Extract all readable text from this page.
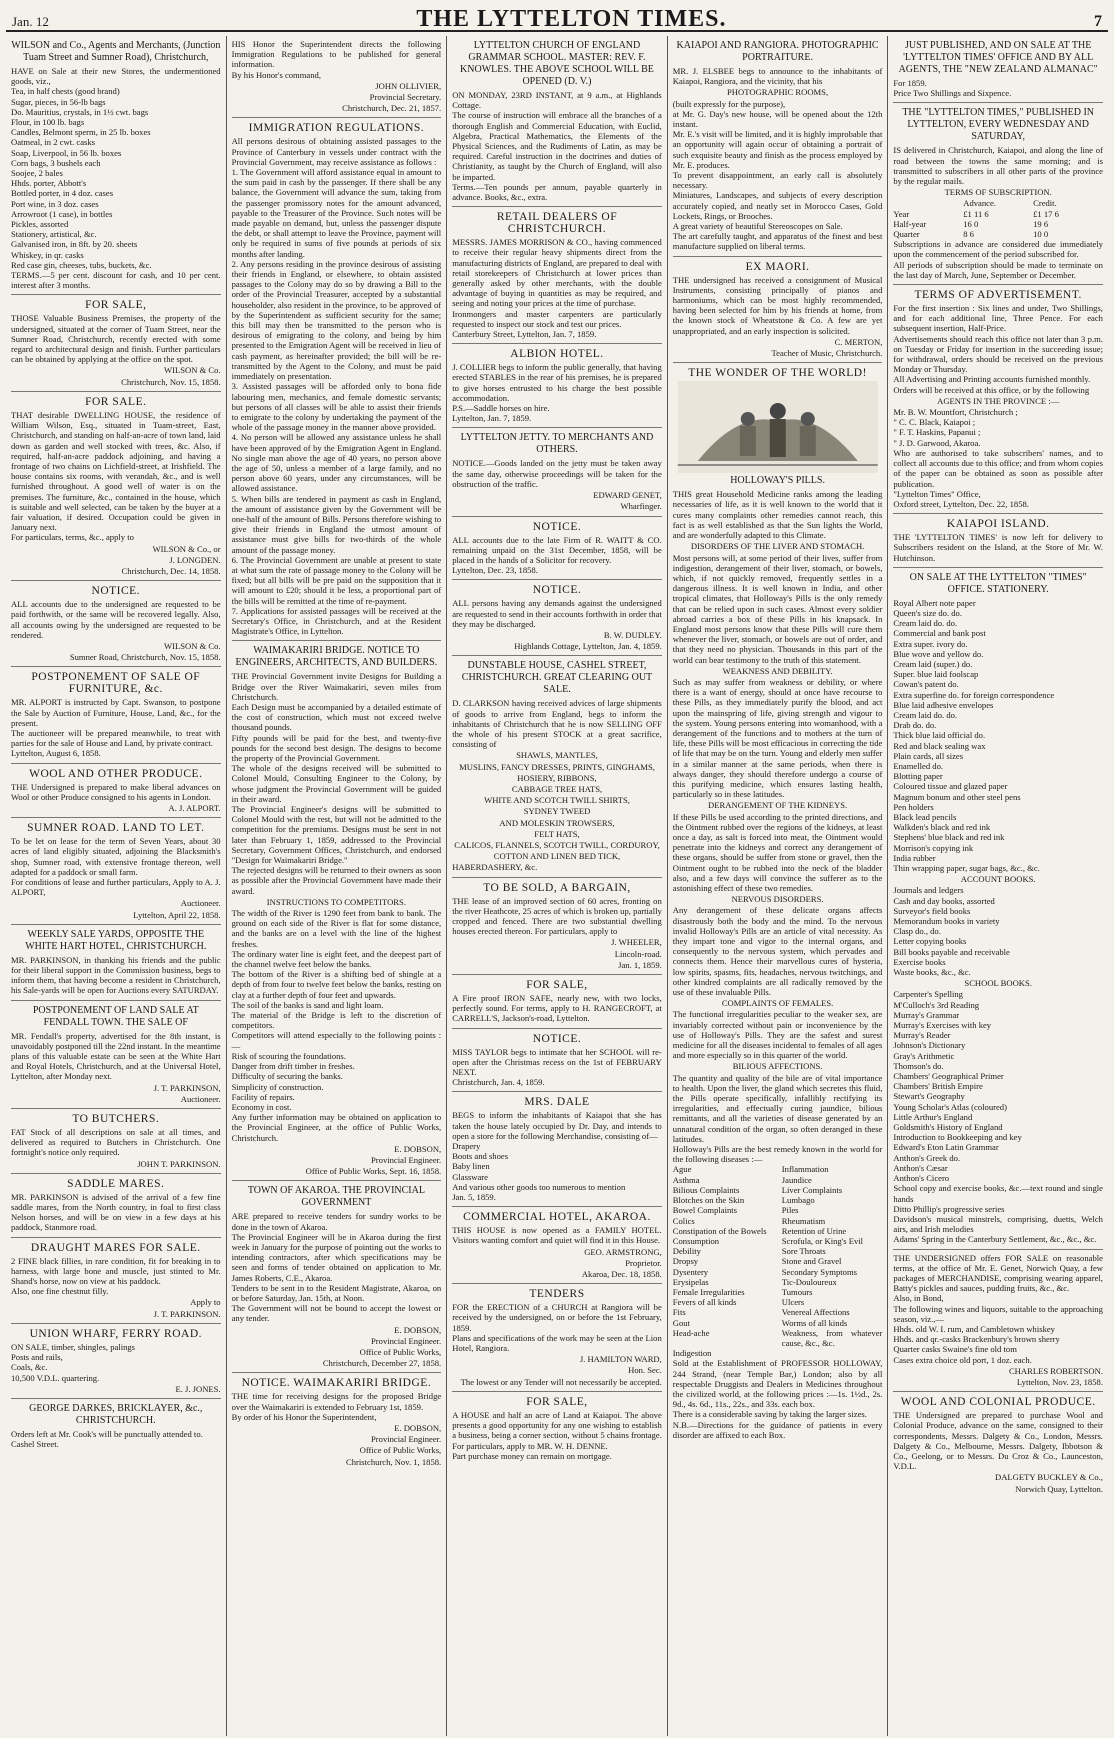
Jan. 12	THE LYTTELTON TIMES.	7
WILSON and Co., Agents and Merchants, (Junction Tuam Street and Sumner Road), Christchurch,

HAVE on Sale at their new Stores, the undermentioned goods, viz.,

Tea, in half chests (good brand)

Sugar, pieces, in 56-lb bags

Do. Mauritius, crystals, in 1½ cwt. bags

Flour, in 100 lb. bags

Candles, Belmont sperm, in 25 lb. boxes

Oatmeal, in 2 cwt. casks

Soap, Liverpool, in 56 lb. boxes

Corn bags, 3 bushels each

Soojee, 2 bales

Hhds. porter, Abbott's

Bottled porter, in 4 doz. cases

Port wine, in 3 doz. cases

Arrowroot (1 case), in bottles

Pickles, assorted

Stationery, artistical, &c.

Galvanised iron, in 8ft. by 20. sheets

Whiskey, in qr. casks

Red case gin, cheeses, tubs, buckets, &c.

TERMS.—5 per cent. discount for cash, and 10 per cent. interest after 3 months.

FOR SALE,

THOSE Valuable Business Premises, the property of the undersigned, situated at the corner of Tuam Street, near the Sumner Road, Christchurch, recently erected with some regard to architectural design and finish. Further particulars can be obtained by applying at the office on the spot.

WILSON & Co.
Christchurch, Nov. 15, 1858.
FOR SALE.

THAT desirable DWELLING HOUSE, the residence of William Wilson, Esq., situated in Tuam-street, East, Christchurch, and standing on half-an-acre of town land, laid down as garden and well stocked with trees, &c. Also, if required, half-an-acre paddock adjoining, and having a frontage of two chains on Lichfield-street, at Irishfield. The house contains six rooms, with verandah, &c., and is well furnished throughout. A good well of water is on the premises. The furniture, &c., contained in the house, which is suitable and well selected, can be taken by the buyer at a fair valuation, if desired. Occupation could be given in January next.

For particulars, terms, &c., apply to

WILSON & Co., or
J. LONGDEN.
Christchurch, Dec. 14, 1858.
NOTICE.

ALL accounts due to the undersigned are requested to be paid forthwith, or the same will be recovered legally. Also, all accounts owing by the undersigned are requested to be rendered.

WILSON & Co.
Sumner Road, Christchurch, Nov. 15, 1858.
POSTPONEMENT OF SALE OF FURNITURE, &c.

MR. ALPORT is instructed by Capt. Swanson, to postpone the Sale by Auction of Furniture, House, Land, &c., for the present.

The auctioneer will be prepared meanwhile, to treat with parties for the sale of House and Land, by private contract.

Lyttelton, August 6, 1858.

WOOL AND OTHER PRODUCE.

THE Undersigned is prepared to make liberal advances on Wool or other Produce consigned to his agents in London.

A. J. ALPORT.
SUMNER ROAD. LAND TO LET.

To be let on lease for the term of Seven Years, about 30 acres of land eligibly situated, adjoining the Blacksmith's shop, Sumner road, with extensive frontage thereon, well adapted for a paddock or small farm.

For conditions of lease and further particulars, Apply to A. J. ALPORT,

Auctioneer.
Lyttelton, April 22, 1858.
WEEKLY SALE YARDS, OPPOSITE THE WHITE HART HOTEL, CHRISTCHURCH.

MR. PARKINSON, in thanking his friends and the public for their liberal support in the Commission business, begs to inform them, that having become a resident in Christchurch, his Sale-yards will be open for Auctions every SATURDAY.

POSTPONEMENT OF LAND SALE AT FENDALL TOWN. THE SALE OF

MR. Fendall's property, advertised for the 8th instant, is unavoidably postponed till the 22nd instant. In the meantime plans of this valuable estate can be seen at the White Hart and Royal Hotels, Christchurch, and at the Universal Hotel, Lyttelton, after Monday next.

J. T. PARKINSON,
Auctioneer.
TO BUTCHERS.

FAT Stock of all descriptions on sale at all times, and delivered as required to Butchers in Christchurch. One fortnight's notice only required.

JOHN T. PARKINSON.
SADDLE MARES.

MR. PARKINSON is advised of the arrival of a few fine saddle mares, from the North country, in foal to first class Nelson horses, and will be on view in a few days at his paddock, Stanmore road.

DRAUGHT MARES FOR SALE.

2 FINE black fillies, in rare condition, fit for breaking in to harness, with large bone and muscle, just stinted to Mr. Shand's horse, now on view at his paddock.

Also, one fine chestnut filly.

Apply to
J. T. PARKINSON.
UNION WHARF, FERRY ROAD.

ON SALE, timber, shingles, palings

Posts and rails,

Coals, &c.

10,500 V.D.L. quartering.

E. J. JONES.
GEORGE DARKES, BRICKLAYER, &c., CHRISTCHURCH.

Orders left at Mr. Cook's will be punctually attended to.

Cashel Street.

HIS Honor the Superintendent directs the following Immigration Regulations to be published for general information.

By his Honor's command,

JOHN OLLIVIER,
Provincial Secretary.
Christchurch, Dec. 21, 1857.
IMMIGRATION REGULATIONS.

All persons desirous of obtaining assisted passages to the Province of Canterbury in vessels under contract with the Provincial Government, may receive assistance as follows :

1. The Government will afford assistance equal in amount to the sum paid in cash by the passenger. If there shall be any balance, the Government will advance the sum, taking from the passenger promissory notes for the amount advanced, payable to the Treasurer of the Province. Such notes will be made payable on demand, but, unless the passenger dispute the debt, or shall attempt to leave the Province, payment will only be required in sums of five pounds at periods of six months after landing.

2. Any persons residing in the province desirous of assisting their friends in England, or elsewhere, to obtain assisted passages to the Colony may do so by drawing a Bill to the order of the Provincial Treasurer, accepted by a substantial householder, also resident in the province, to be approved of by the Superintendent as sufficient security for the same; this bill may then be transmitted to the person who is desirous of emigrating to the colony, and being by him presented to the Emigration Agent will be received in lieu of cash payment, as hereinafter provided; the bill will be re-transmitted by the Agent to the Colony, and must be paid immediately on presentation.

3. Assisted passages will be afforded only to bona fide labouring men, mechanics, and female domestic servants; but persons of all classes will be able to assist their friends to emigrate to the colony by undertaking the payment of the whole of the passage money in the manner above provided.

4. No person will be allowed any assistance unless he shall have been approved of by the Emigration Agent in England. No single man above the age of 40 years, no person above the age of 50, unless a member of a large family, and no person above 60 years, under any circumstances, will be allowed assistance.

5. When bills are tendered in payment as cash in England, the amount of assistance given by the Government will be one-half of the amount of Bills. Persons therefore wishing to give their friends in England the utmost amount of assistance must give bills for two-thirds of the whole amount of the passage money.

6. The Provincial Government are unable at present to state at what sum the rate of passage money to the Colony will be fixed; but all bills will be pre paid on the supposition that it will amount to £20; should it be less, a proportional part of the bills will be remitted at the time of re-payment.

7. Applications for assisted passages will be received at the Secretary's Office, in Christchurch, and at the Resident Magistrate's Office, in Lyttelton.

WAIMAKARIRI BRIDGE. NOTICE TO ENGINEERS, ARCHITECTS, AND BUILDERS.

THE Provincial Government invite Designs for Building a Bridge over the River Waimakariri, seven miles from Christchurch.

Each Design must be accompanied by a detailed estimate of the cost of construction, which must not exceed twelve thousand pounds.

Fifty pounds will be paid for the best, and twenty-five pounds for the second best design. The designs to become the property of the Provincial Government.

The whole of the designs received will be submitted to Colonel Mould, Consulting Engineer to the Colony, by whose judgment the Provincial Government will be guided in their award.

The Provincial Engineer's designs will be submitted to Colonel Mould with the rest, but will not be admitted to the competition for the premiums. Designs must be sent in not later than February 1, 1859, addressed to the Provincial Secretary, Government Offices, Christchurch, and endorsed "Design for Waimakariri Bridge."

The rejected designs will be returned to their owners as soon as possible after the Provincial Government have made their award.

INSTRUCTIONS TO COMPETITORS.

The width of the River is 1290 feet from bank to bank. The ground on each side of the River is flat for some distance, and the banks are on a level with the line of the highest freshes.

The ordinary water line is eight feet, and the deepest part of the channel twelve feet below the banks.

The bottom of the River is a shifting bed of shingle at a depth of from four to twelve feet below the banks, resting on clay at a further depth of four feet and upwards.

The soil of the banks is sand and light loam.

The material of the Bridge is left to the discretion of competitors.

Competitors will attend especially to the following points :—

Risk of scouring the foundations.

Danger from drift timber in freshes.

Difficulty of securing the banks.

Simplicity of construction.

Facility of repairs.

Economy in cost.

Any further information may be obtained on application to the Provincial Engineer, at the office of Public Works, Christchurch.

E. DOBSON,
Provincial Engineer.
Office of Public Works, Sept. 16, 1858.
TOWN OF AKAROA. THE PROVINCIAL GOVERNMENT

ARE prepared to receive tenders for sundry works to be done in the town of Akaroa.

The Provincial Engineer will be in Akaroa during the first week in January for the purpose of pointing out the works to intending contractors, after which specifications may be seen and forms of tender obtained on application to Mr. James Roberts, C.E., Akaroa.

Tenders to be sent in to the Resident Magistrate, Akaroa, on or before Saturday, Jan. 15th, at Noon.

The Government will not be bound to accept the lowest or any tender.

E. DOBSON,
Provincial Engineer.
Office of Public Works,
Christchurch, December 27, 1858.
NOTICE. WAIMAKARIRI BRIDGE.

THE time for receiving designs for the proposed Bridge over the Waimakariri is extended to February 1st, 1859.

By order of his Honor the Superintendent,

E. DOBSON,
Provincial Engineer.
Office of Public Works,
Christchurch, Nov. 1, 1858.
LYTTELTON CHURCH OF ENGLAND GRAMMAR SCHOOL. MASTER: REV. F. KNOWLES. THE ABOVE SCHOOL WILL BE OPENED (D. V.)

ON MONDAY, 23RD INSTANT, at 9 a.m., at Highlands Cottage.

The course of instruction will embrace all the branches of a thorough English and Commercial Education, with Euclid, Algebra, Practical Mathematics, the Elements of the Physical Sciences, and the Rudiments of Latin, as may be required. Careful instruction in the doctrines and duties of Christianity, as taught by the Church of England, will also be imparted.

Terms.—Ten pounds per annum, payable quarterly in advance. Books, &c., extra.

RETAIL DEALERS OF CHRISTCHURCH.

MESSRS. JAMES MORRISON & CO., having commenced to receive their regular heavy shipments direct from the manufacturing districts of England, are prepared to deal with retail storekeepers of Christchurch at lower prices than generally asked by other merchants, with the double advantage of buying in quantities as may be required, and seeing and noting your prices at the time of purchase.

Ironmongers and master carpenters are particularly requested to inspect our stock and test our prices.

Canterbury Street, Lyttelton, Jan. 7, 1859.

ALBION HOTEL.

J. COLLIER begs to inform the public generally, that having erected STABLES in the rear of his premises, he is prepared to give horses entrusted to his charge the best possible accommodation.

P.S.—Saddle horses on hire.

Lyttelton, Jan. 7, 1859.

LYTTELTON JETTY. TO MERCHANTS AND OTHERS.

NOTICE.—Goods landed on the jetty must be taken away the same day, otherwise proceedings will be taken for the obstruction of the traffic.

EDWARD GENET,
Wharfinger.
NOTICE.

ALL accounts due to the late Firm of R. WAITT & CO. remaining unpaid on the 31st December, 1858, will be placed in the hands of a Solicitor for recovery.

Lyttelton, Dec. 23, 1858.

NOTICE.

ALL persons having any demands against the undersigned are requested to send in their accounts forthwith in order that they may be discharged.

B. W. DUDLEY.
Highlands Cottage, Lyttelton, Jan. 4, 1859.
DUNSTABLE HOUSE, CASHEL STREET, CHRISTCHURCH. GREAT CLEARING OUT SALE.

D. CLARKSON having received advices of large shipments of goods to arrive from England, begs to inform the inhabitants of Christchurch that he is now SELLING OFF the whole of his present STOCK at a great sacrifice, consisting of

SHAWLS, MANTLES,

MUSLINS, FANCY DRESSES, PRINTS, GINGHAMS,

HOSIERY, RIBBONS,

CABBAGE TREE HATS,

WHITE AND SCOTCH TWILL SHIRTS,

SYDNEY TWEED

AND MOLESKIN TROWSERS,

FELT HATS,

CALICOS, FLANNELS, SCOTCH TWILL, CORDUROY,

COTTON AND LINEN BED TICK,

HABERDASHERY, &c.

TO BE SOLD, A BARGAIN,

THE lease of an improved section of 60 acres, fronting on the river Heathcote, 25 acres of which is broken up, partially cropped and fenced. There are two substantial dwelling houses erected thereon. For particulars, apply to

J. WHEELER,
Lincoln-road.
Jan. 1, 1859.
FOR SALE,

A Fire proof IRON SAFE, nearly new, with two locks, perfectly sound. For terms, apply to H. RANGECROFT, at CARRELL'S, Jackson's-road, Lyttelton.

NOTICE.

MISS TAYLOR begs to intimate that her SCHOOL will re-open after the Christmas recess on the 1st of FEBRUARY NEXT.

Christchurch, Jan. 4, 1859.

MRS. DALE

BEGS to inform the inhabitants of Kaiapoi that she has taken the house lately occupied by Dr. Day, and intends to open a store for the following Merchandise, consisting of—

Drapery

Boots and shoes

Baby linen

Glassware

And various other goods too numerous to mention

Jan. 5, 1859.

COMMERCIAL HOTEL, AKAROA.

THIS HOUSE is now opened as a FAMILY HOTEL. Visitors wanting comfort and quiet will find it in this House.

GEO. ARMSTRONG,
Proprietor.
Akaroa, Dec. 18, 1858.
TENDERS

FOR the ERECTION of a CHURCH at Rangiora will be received by the undersigned, on or before the 1st February, 1859.

Plans and specifications of the work may be seen at the Lion Hotel, Rangiora.

J. HAMILTON WARD,
Hon. Sec.
The lowest or any Tender will not necessarily be accepted.
FOR SALE,

A HOUSE and half an acre of Land at Kaiapoi. The above presents a good opportunity for any one wishing to establish a business, being a corner section, without 5 chains frontage. For particulars, apply to MR. W. H. DENNE.

Part purchase money can remain on mortgage.

KAIAPOI AND RANGIORA. PHOTOGRAPHIC PORTRAITURE.

MR. J. ELSBEE begs to announce to the inhabitants of Kaiapoi, Rangiora, and the vicinity, that his

PHOTOGRAPHIC ROOMS,

(built expressly for the purpose),

at Mr. G. Day's new house, will be opened about the 12th instant.

Mr. E.'s visit will be limited, and it is highly improbable that an opportunity will again occur of obtaining a portrait of such exquisite beauty and finish as the process employed by Mr. E. produces.

To prevent disappointment, an early call is absolutely necessary.

Miniatures, Landscapes, and subjects of every description accurately copied, and neatly set in Morocco Cases, Gold Lockets, Rings, or Brooches.

A great variety of beautiful Stereoscopes on Sale.

The art carefully taught, and apparatus of the finest and best manufacture supplied on liberal terms.

EX MAORI.

THE undersigned has received a consignment of Musical Instruments, consisting principally of pianos and harmoniums, which can be most highly recommended, having been selected for him by his friends at home, from the known stock of Wheatstone & Co. A few are yet unappropriated, and an early inspection is solicited.

C. MERTON,
Teacher of Music, Christchurch.
THE WONDER OF THE WORLD!
HOLLOWAY'S PILLS.

THIS great Household Medicine ranks among the leading necessaries of life, as it is well known to the world that it cures many complaints other remedies cannot reach, this fact is as well established as that the Sun lights the World, and are wonderfully adapted to this Climate.

DISORDERS OF THE LIVER AND STOMACH.

Most persons will, at some period of their lives, suffer from indigestion, derangement of their liver, stomach, or bowels, which, if not quickly removed, frequently settles in a dangerous illness. It is well known in India, and other tropical climates, that Holloway's Pills is the only remedy that can be relied upon in such cases. Almost every soldier abroad carries a box of these Pills in his knapsack. In England most persons know that these Pills will cure them whenever the liver, stomach, or bowels are out of order, and that they need no physician. Thousands in this part of the world can bear testimony to the truth of this statement.

WEAKNESS AND DEBILITY.

Such as may suffer from weakness or debility, or where there is a want of energy, should at once have recourse to these Pills, as they immediately purify the blood, and act upon the mainspring of life, giving strength and vigour to the system. Young persons entering into womanhood, with a derangement of the functions and to mothers at the turn of life, these Pills will be most efficacious in correcting the tide of life that may be on the turn. Young and elderly men suffer in a similar manner at the same periods, when there is always danger, they should therefore undergo a course of this purifying medicine, which ensures lasting health, particularly so in these latitudes.

DERANGEMENT OF THE KIDNEYS.

If these Pills be used according to the printed directions, and the Ointment rubbed over the regions of the kidneys, at least once a day, as salt is forced into meat, the Ointment would penetrate into the kidneys and correct any derangement of these organs, should be suffer from stone or gravel, then the Ointment ought to be rubbed into the neck of the bladder also, and a few days will convince the sufferer as to the astonishing effect of these two remedies.

NERVOUS DISORDERS.

Any derangement of these delicate organs affects disastrously both the body and the mind. To the nervous invalid Holloway's Pills are an article of vital necessity. As they impart tone and vigor to the internal organs, and consequently to the nervous system, which pervades and connects them. Hence their marvellous cures of hysteria, low spirits, spasms, fits, headaches, nervous twitchings, and other kindred complaints are all radically removed by the use of these invaluable Pills.

COMPLAINTS OF FEMALES.

The functional irregularities peculiar to the weaker sex, are invariably corrected without pain or inconvenience by the use of Holloway's Pills. They are the safest and surest medicine for all the diseases incidental to females of all ages and more especially so in this quarter of the world.

BILIOUS AFFECTIONS.

The quantity and quality of the bile are of vital importance to health. Upon the liver, the gland which secretes this fluid, the Pills operate specifically, infallibly rectifying its irregularities, and effectually curing jaundice, bilious remittants, and all the varieties of disease generated by an unnatural condition of the organ, so often deranged in these latitudes.

Holloway's Pills are the best remedy known in the world for the following diseases :—

Ague	Inflammation
Asthma	Jaundice
Bilious Complaints	Liver Complaints
Blotches on the Skin	Lumbago
Bowel Complaints	Piles
Colics	Rheumatism
Constipation of the Bowels	Retention of Urine
Consumption	Scrofula, or King's Evil
Debility	Sore Throats
Dropsy	Stone and Gravel
Dysentery	Secondary Symptoms
Erysipelas	Tic-Douloureux
Female Irregularities	Tumours
Fevers of all kinds	Ulcers
Fits	Venereal Affections
Gout	Worms of all kinds
Head-ache	Weakness, from whatever cause, &c., &c.
Indigestion

Sold at the Establishment of PROFESSOR HOLLOWAY, 244 Strand, (near Temple Bar,) London; also by all respectable Druggists and Dealers in Medicines throughout the civilized world, at the following prices :—1s. 1½d., 2s. 9d., 4s. 6d., 11s., 22s., and 33s. each box.

There is a considerable saving by taking the larger sizes.

N.B.—Directions for the guidance of patients in every disorder are affixed to each Box.

JUST PUBLISHED, AND ON SALE AT THE 'LYTTELTON TIMES' OFFICE AND BY ALL AGENTS, THE "NEW ZEALAND ALMANAC"

For 1859.

Price Two Shillings and Sixpence.

THE "LYTTELTON TIMES," PUBLISHED IN LYTTELTON, EVERY WEDNESDAY AND SATURDAY,

IS delivered in Christchurch, Kaiapoi, and along the line of road between the towns the same morning; and is transmitted to subscribers in all other parts of the province by the regular mails.

TERMS OF SUBSCRIPTION.

Advance.	Credit.
Year	£1 11 6	£1 17 6
Half-year	16 0	19 6
Quarter	8 6	10 0

Subscriptions in advance are considered due immediately upon the commencement of the period subscribed for.

All periods of subscription should be made to terminate on the last day of March, June, September or December.

TERMS OF ADVERTISEMENT.

For the first insertion : Six lines and under, Two Shillings, and for each additional line, Three Pence. For each subsequent insertion, Half-Price.

Advertisements should reach this office not later than 3 p.m. on Tuesday or Friday for insertion in the succeeding issue; for withdrawal, orders should be received on the previous Monday or Thursday.

All Advertising and Printing accounts furnished monthly.

Orders will be received at this office, or by the following

AGENTS IN THE PROVINCE :—

Mr. B. W. Mountfort, Christchurch ;

" C. C. Black, Kaiapoi ;

" F. T. Haskins, Papanui ;

" J. D. Garwood, Akaroa.

Who are authorised to take subscribers' names, and to collect all accounts due to this office; and from whom copies of the paper can be obtained as soon as possible after publication.

"Lyttelton Times" Office,

Oxford street, Lyttelton, Dec. 22, 1858.

KAIAPOI ISLAND.

THE 'LYTTELTON TIMES' is now left for delivery to Subscribers resident on the Island, at the Store of Mr. W. Hutchinson.

ON SALE AT THE LYTTELTON "TIMES" OFFICE. STATIONERY.

Royal Albert note paper

Queen's size do. do.

Cream laid do. do.

Commercial and bank post

Extra super. ivory do.

Blue wove and yellow do.

Cream laid (super.) do.

Super. blue laid foolscap

Cowan's patent do.

Extra superfine do. for foreign correspondence

Blue laid adhesive envelopes

Cream laid do. do.

Drab do. do.

Thick blue laid official do.

Red and black sealing wax

Plain cards, all sizes

Enamelled do.

Blotting paper

Coloured tissue and glazed paper

Magnum bonum and other steel pens

Pen holders

Black lead pencils

Walkden's black and red ink

Stephens' blue black and red ink

Morrison's copying ink

India rubber

Thin wrapping paper, sugar bags, &c., &c.

ACCOUNT BOOKS.

Journals and ledgers

Cash and day books, assorted

Surveyor's field books

Memorandum books in variety

Clasp do., do.

Letter copying books

Bill books payable and receivable

Exercise books

Waste books, &c., &c.

SCHOOL BOOKS.

Carpenter's Spelling

M'Culloch's 3rd Reading

Murray's Grammar

Murray's Exercises with key

Murray's Reader

Johnson's Dictionary

Gray's Arithmetic

Thomson's do.

Chambers' Geographical Primer

Chambers' British Empire

Stewart's Geography

Young Scholar's Atlas (coloured)

Little Arthur's England

Goldsmith's History of England

Introduction to Bookkeeping and key

Edward's Eton Latin Grammar

Anthon's Greek do.

Anthon's Cæsar

Anthon's Cicero

School copy and exercise books, &c.—text round and single hands

Ditto Phillip's progressive series

Davidson's musical minstrels, comprising, duetts, Welch airs, and Irish melodies

Adams' Spring in the Canterbury Settlement, &c., &c., &c.

THE UNDERSIGNED offers FOR SALE on reasonable terms, at the office of Mr. E. Genet, Norwich Quay, a few packages of MERCHANDISE, comprising wearing apparel, Batty's pickles and sauces, pudding fruits, &c., &c.

Also, in Bond,

The following wines and liquors, suitable to the approaching season, viz.,—

Hhds. old W. I. rum, and Cambletown whiskey

Hhds. and qr.-casks Brackenbury's brown sherry

Quarter casks Swaine's fine old tom

Cases extra choice old port, 1 doz. each.

CHARLES ROBERTSON.
Lyttelton, Nov. 23, 1858.
WOOL AND COLONIAL PRODUCE.

THE Undersigned are prepared to purchase Wool and Colonial Produce, advance on the same, consigned to their correspondents, Messrs. Dalgety & Co., London, Messrs. Dalgety & Co., Melbourne, Messrs. Dalgety, Ibbotson & Co., Geelong, or to Messrs. Du Croz & Co., Launceston, V.D.L.

DALGETY BUCKLEY & Co.,
Norwich Quay, Lyttelton.
